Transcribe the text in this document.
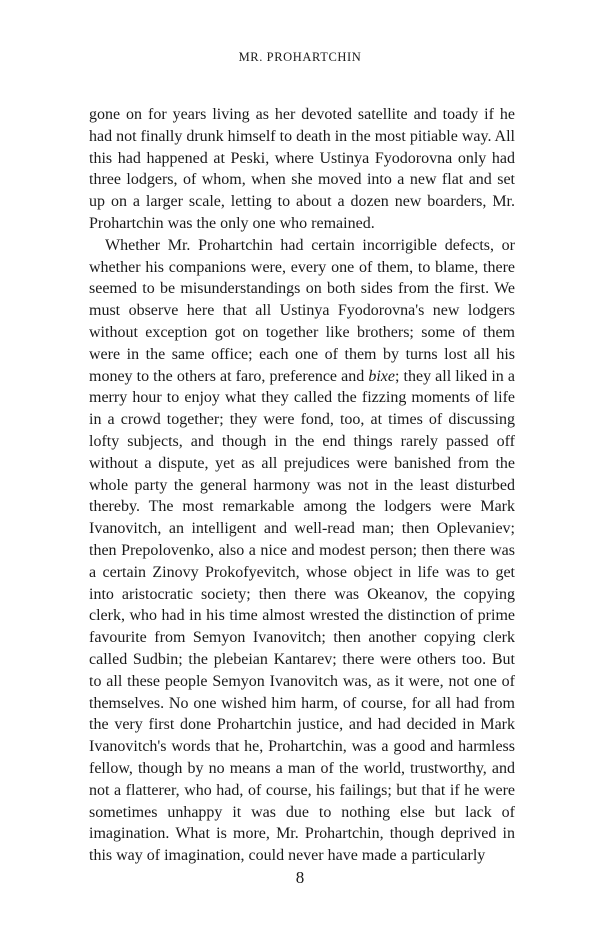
MR. PROHARTCHIN

gone on for years living as her devoted satellite and toady if he had not finally drunk himself to death in the most pitiable way. All this had happened at Peski, where Ustinya Fyodorovna only had three lodgers, of whom, when she moved into a new flat and set up on a larger scale, letting to about a dozen new boarders, Mr. Prohartchin was the only one who remained.

Whether Mr. Prohartchin had certain incorrigible defects, or whether his companions were, every one of them, to blame, there seemed to be misunderstandings on both sides from the first. We must observe here that all Ustinya Fyodorovna's new lodgers without exception got on together like brothers; some of them were in the same office; each one of them by turns lost all his money to the others at faro, preference and bixe; they all liked in a merry hour to enjoy what they called the fizzing moments of life in a crowd together; they were fond, too, at times of discussing lofty subjects, and though in the end things rarely passed off without a dispute, yet as all prejudices were banished from the whole party the general harmony was not in the least disturbed thereby. The most remarkable among the lodgers were Mark Ivanovitch, an intelligent and well-read man; then Oplevaniev; then Prepolovenko, also a nice and modest person; then there was a certain Zinovy Prokofyevitch, whose object in life was to get into aristocratic society; then there was Okeanov, the copying clerk, who had in his time almost wrested the distinction of prime favourite from Semyon Ivanovitch; then another copying clerk called Sudbin; the plebeian Kantarev; there were others too. But to all these people Semyon Ivanovitch was, as it were, not one of themselves. No one wished him harm, of course, for all had from the very first done Prohartchin justice, and had decided in Mark Ivanovitch's words that he, Prohartchin, was a good and harmless fellow, though by no means a man of the world, trustworthy, and not a flatterer, who had, of course, his failings; but that if he were sometimes unhappy it was due to nothing else but lack of imagination. What is more, Mr. Prohartchin, though deprived in this way of imagination, could never have made a particularly

8
